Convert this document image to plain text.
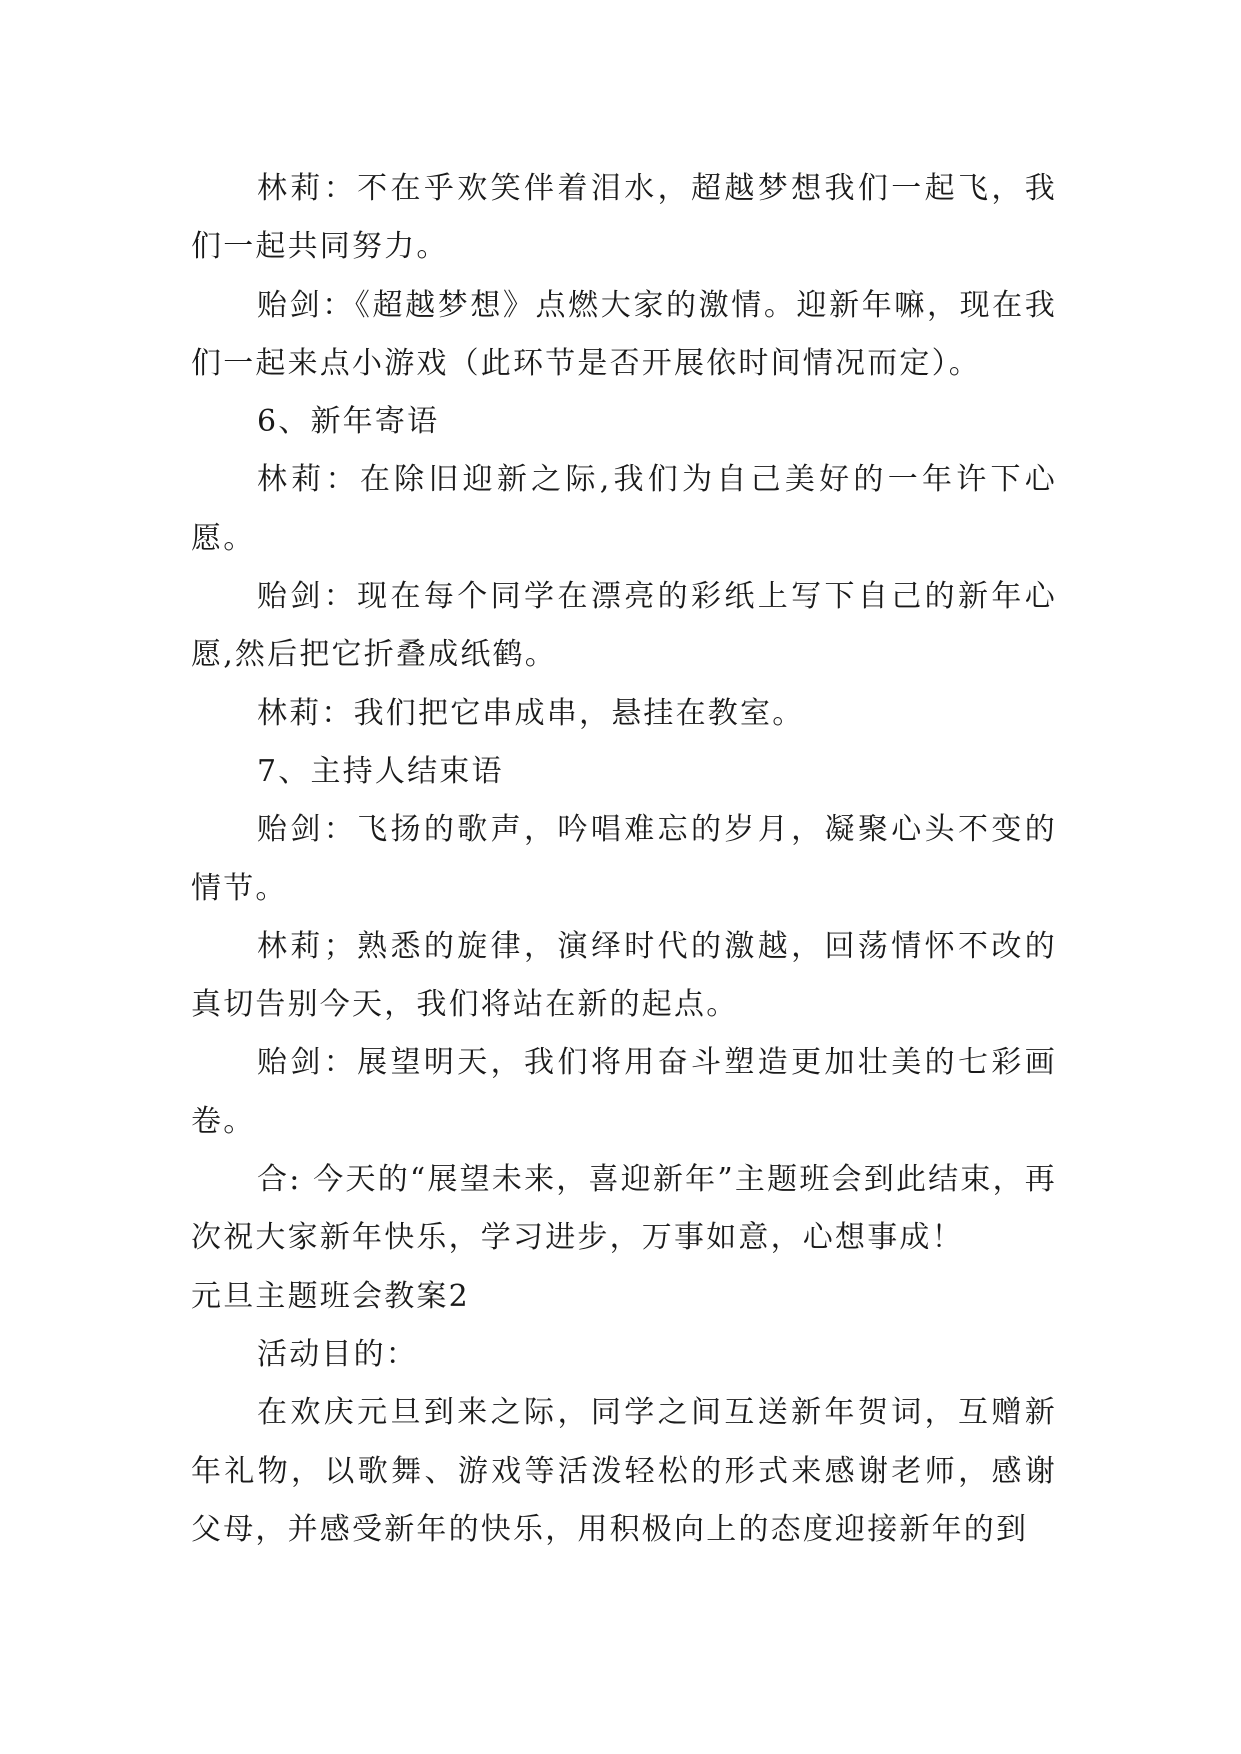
林莉：不在乎欢笑伴着泪水，超越梦想我们一起飞，我们一起共同努力。

贻剑：《超越梦想》点燃大家的激情。迎新年嘛，现在我们一起来点小游戏（此环节是否开展依时间情况而定）。

6、新年寄语

林莉：在除旧迎新之际,我们为自己美好的一年许下心愿。

贻剑：现在每个同学在漂亮的彩纸上写下自己的新年心愿,然后把它折叠成纸鹤。

林莉：我们把它串成串，悬挂在教室。

7、主持人结束语

贻剑：飞扬的歌声，吟唱难忘的岁月，凝聚心头不变的情节。

林莉；熟悉的旋律，演绎时代的激越，回荡情怀不改的真切告别今天，我们将站在新的起点。

贻剑：展望明天，我们将用奋斗塑造更加壮美的七彩画卷。

合: 今天的“展望未来，喜迎新年”主题班会到此结束，再次祝大家新年快乐，学习进步，万事如意，心想事成！

元旦主题班会教案2

活动目的：

在欢庆元旦到来之际，同学之间互送新年贺词，互赠新年礼物，以歌舞、游戏等活泼轻松的形式来感谢老师，感谢父母，并感受新年的快乐，用积极向上的态度迎接新年的到
